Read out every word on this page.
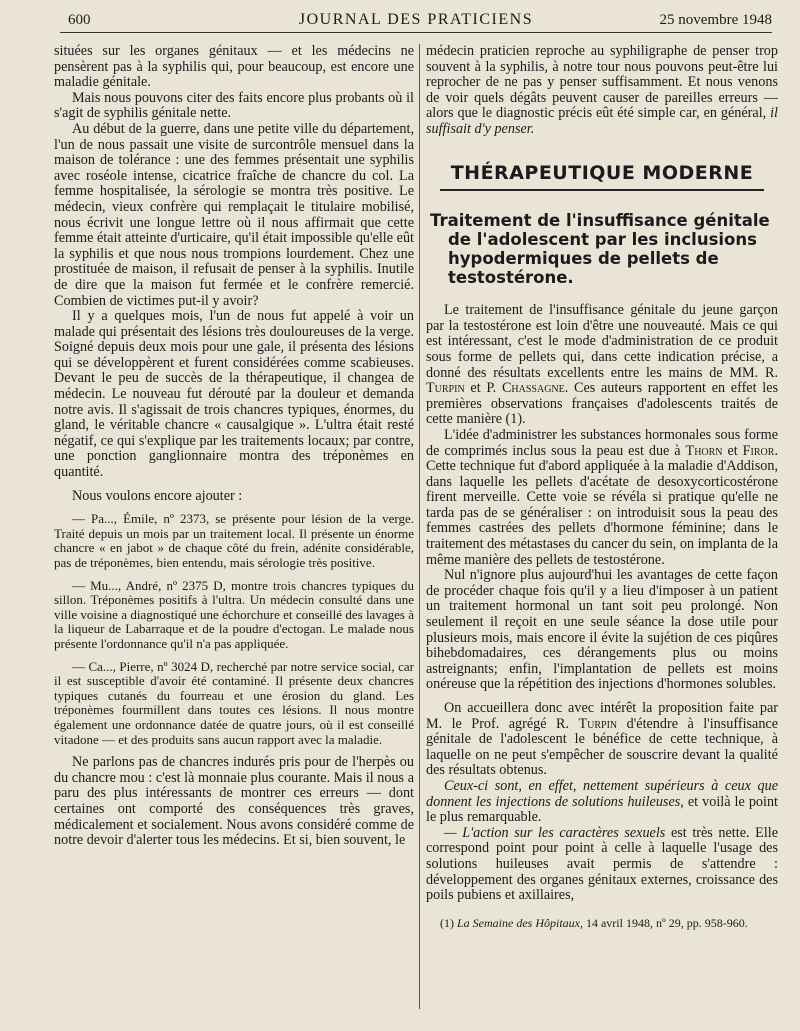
600	JOURNAL DES PRATICIENS	25 novembre 1948

situées sur les organes génitaux — et les médecins ne pensèrent pas à la syphilis qui, pour beaucoup, est encore une maladie génitale.

Mais nous pouvons citer des faits encore plus probants où il s'agit de syphilis génitale nette.

Au début de la guerre, dans une petite ville du département, l'un de nous passait une visite de surcontrôle mensuel dans la maison de tolérance : une des femmes présentait une syphilis avec roséole intense, cicatrice fraîche de chancre du col. La femme hospitalisée, la sérologie se montra très positive. Le médecin, vieux confrère qui remplaçait le titulaire mobilisé, nous écrivit une longue lettre où il nous affirmait que cette femme était atteinte d'urticaire, qu'il était impossible qu'elle eût la syphilis et que nous nous trompions lourdement. Chez une prostituée de maison, il refusait de penser à la syphilis. Inutile de dire que la maison fut fermée et le confrère remercié. Combien de victimes put-il y avoir?

Il y a quelques mois, l'un de nous fut appelé à voir un malade qui présentait des lésions très douloureuses de la verge. Soigné depuis deux mois pour une gale, il présenta des lésions qui se développèrent et furent considérées comme scabieuses. Devant le peu de succès de la thérapeutique, il changea de médecin. Le nouveau fut dérouté par la douleur et demanda notre avis. Il s'agissait de trois chancres typiques, énormes, du gland, le véritable chancre « causalgique ». L'ultra était resté négatif, ce qui s'explique par les traitements locaux; par contre, une ponction ganglionnaire montra des tréponèmes en quantité.

Nous voulons encore ajouter :

— Pa..., Émile, nº 2373, se présente pour lésion de la verge. Traité depuis un mois par un traitement local. Il présente un énorme chancre « en jabot » de chaque côté du frein, adénite considérable, pas de tréponèmes, bien entendu, mais sérologie très positive.

— Mu..., André, nº 2375 D, montre trois chancres typiques du sillon. Tréponèmes positifs à l'ultra. Un médecin consulté dans une ville voisine a diagnostiqué une échorchure et conseillé des lavages à la liqueur de Labarraque et de la poudre d'ectogan. Le malade nous présente l'ordonnance qu'il n'a pas appliquée.

— Ca..., Pierre, nº 3024 D, recherché par notre service social, car il est susceptible d'avoir été contaminé. Il présente deux chancres typiques cutanés du fourreau et une érosion du gland. Les tréponèmes fourmillent dans toutes ces lésions. Il nous montre également une ordonnance datée de quatre jours, où il est conseillé vitadone — et des produits sans aucun rapport avec la maladie.

Ne parlons pas de chancres indurés pris pour de l'herpès ou du chancre mou : c'est là monnaie plus courante. Mais il nous a paru des plus intéressants de montrer ces erreurs — dont certaines ont comporté des conséquences très graves, médicalement et socialement. Nous avons considéré comme de notre devoir d'alerter tous les médecins. Et si, bien souvent, le

médecin praticien reproche au syphiligraphe de penser trop souvent à la syphilis, à notre tour nous pouvons peut-être lui reprocher de ne pas y penser suffisamment. Et nous venons de voir quels dégâts peuvent causer de pareilles erreurs — alors que le diagnostic précis eût été simple car, en général, il suffisait d'y penser.

THÉRAPEUTIQUE MODERNE
Traitement de l'insuffisance génitale de l'adolescent par les inclusions hypodermiques de pellets de testostérone.

Le traitement de l'insuffisance génitale du jeune garçon par la testostérone est loin d'être une nouveauté. Mais ce qui est intéressant, c'est le mode d'administration de ce produit sous forme de pellets qui, dans cette indication précise, a donné des résultats excellents entre les mains de MM. R. Turpin et P. Chassagne. Ces auteurs rapportent en effet les premières observations françaises d'adolescents traités de cette manière (1).

L'idée d'administrer les substances hormonales sous forme de comprimés inclus sous la peau est due à Thorn et Firor. Cette technique fut d'abord appliquée à la maladie d'Addison, dans laquelle les pellets d'acétate de desoxycorticostérone firent merveille. Cette voie se révéla si pratique qu'elle ne tarda pas de se généraliser : on introduisit sous la peau des femmes castrées des pellets d'hormone féminine; dans le traitement des métastases du cancer du sein, on implanta de la même manière des pellets de testostérone.

Nul n'ignore plus aujourd'hui les avantages de cette façon de procéder chaque fois qu'il y a lieu d'imposer à un patient un traitement hormonal un tant soit peu prolongé. Non seulement il reçoit en une seule séance la dose utile pour plusieurs mois, mais encore il évite la sujétion de ces piqûres bihebdomadaires, ces dérangements plus ou moins astreignants; enfin, l'implantation de pellets est moins onéreuse que la répétition des injections d'hormones solubles.

On accueillera donc avec intérêt la proposition faite par M. le Prof. agrégé R. Turpin d'étendre à l'insuffisance génitale de l'adolescent le bénéfice de cette technique, à laquelle on ne peut s'empêcher de souscrire devant la qualité des résultats obtenus.

Ceux-ci sont, en effet, nettement supérieurs à ceux que donnent les injections de solutions huileuses, et voilà le point le plus remarquable.

— L'action sur les caractères sexuels est très nette. Elle correspond point pour point à celle à laquelle l'usage des solutions huileuses avait permis de s'attendre : développement des organes génitaux externes, croissance des poils pubiens et axillaires,

(1) La Semaine des Hôpitaux, 14 avril 1948, nº 29, pp. 958-960.
